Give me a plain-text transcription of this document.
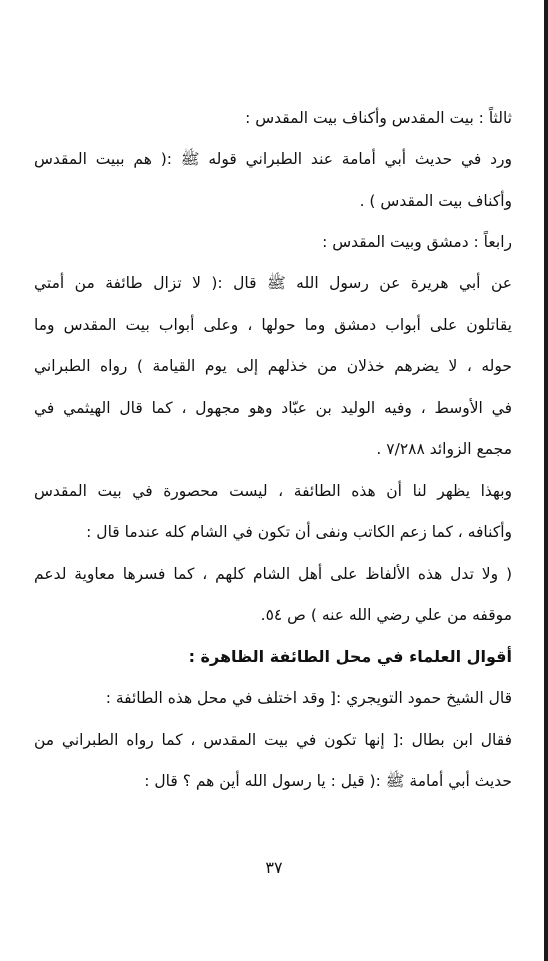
ثالثاً : بيت المقدس وأكناف بيت المقدس :
ورد في حديث أبي أمامة عند الطبراني قوله ﷺ :( هم ببيت المقدس
وأكناف بيت المقدس ) .
رابعاً : دمشق وبيت المقدس :
عن أبي هريرة عن رسول الله ﷺ قال :( لا تزال طائفة من أمتي
يقاتلون على أبواب دمشق وما حولها ، وعلى أبواب بيت المقدس وما
حوله ، لا يضرهم خذلان من خذلهم إلى يوم القيامة ) رواه الطبراني
في الأوسط ، وفيه الوليد بن عبّاد وهو مجهول ، كما قال الهيثمي في
مجمع الزوائد ٧/٢٨٨ .
وبهذا يظهر لنا أن هذه الطائفة ، ليست محصورة في بيت المقدس
وأكنافه ، كما زعم الكاتب ونفى أن تكون في الشام كله عندما قال :
( ولا تدل هذه الألفاظ على أهل الشام كلهم ، كما فسرها معاوية لدعم
موقفه من علي رضي الله عنه ) ص ٥٤.
أقوال العلماء في محل الطائفة الظاهرة :
قال الشيخ حمود التويجري :[ وقد اختلف في محل هذه الطائفة :
فقال ابن بطال :[ إنها تكون في بيت المقدس ، كما رواه الطبراني من
حديث أبي أمامة ﷺ :( قيل : يا رسول الله أين هم ؟ قال :
٣٧
